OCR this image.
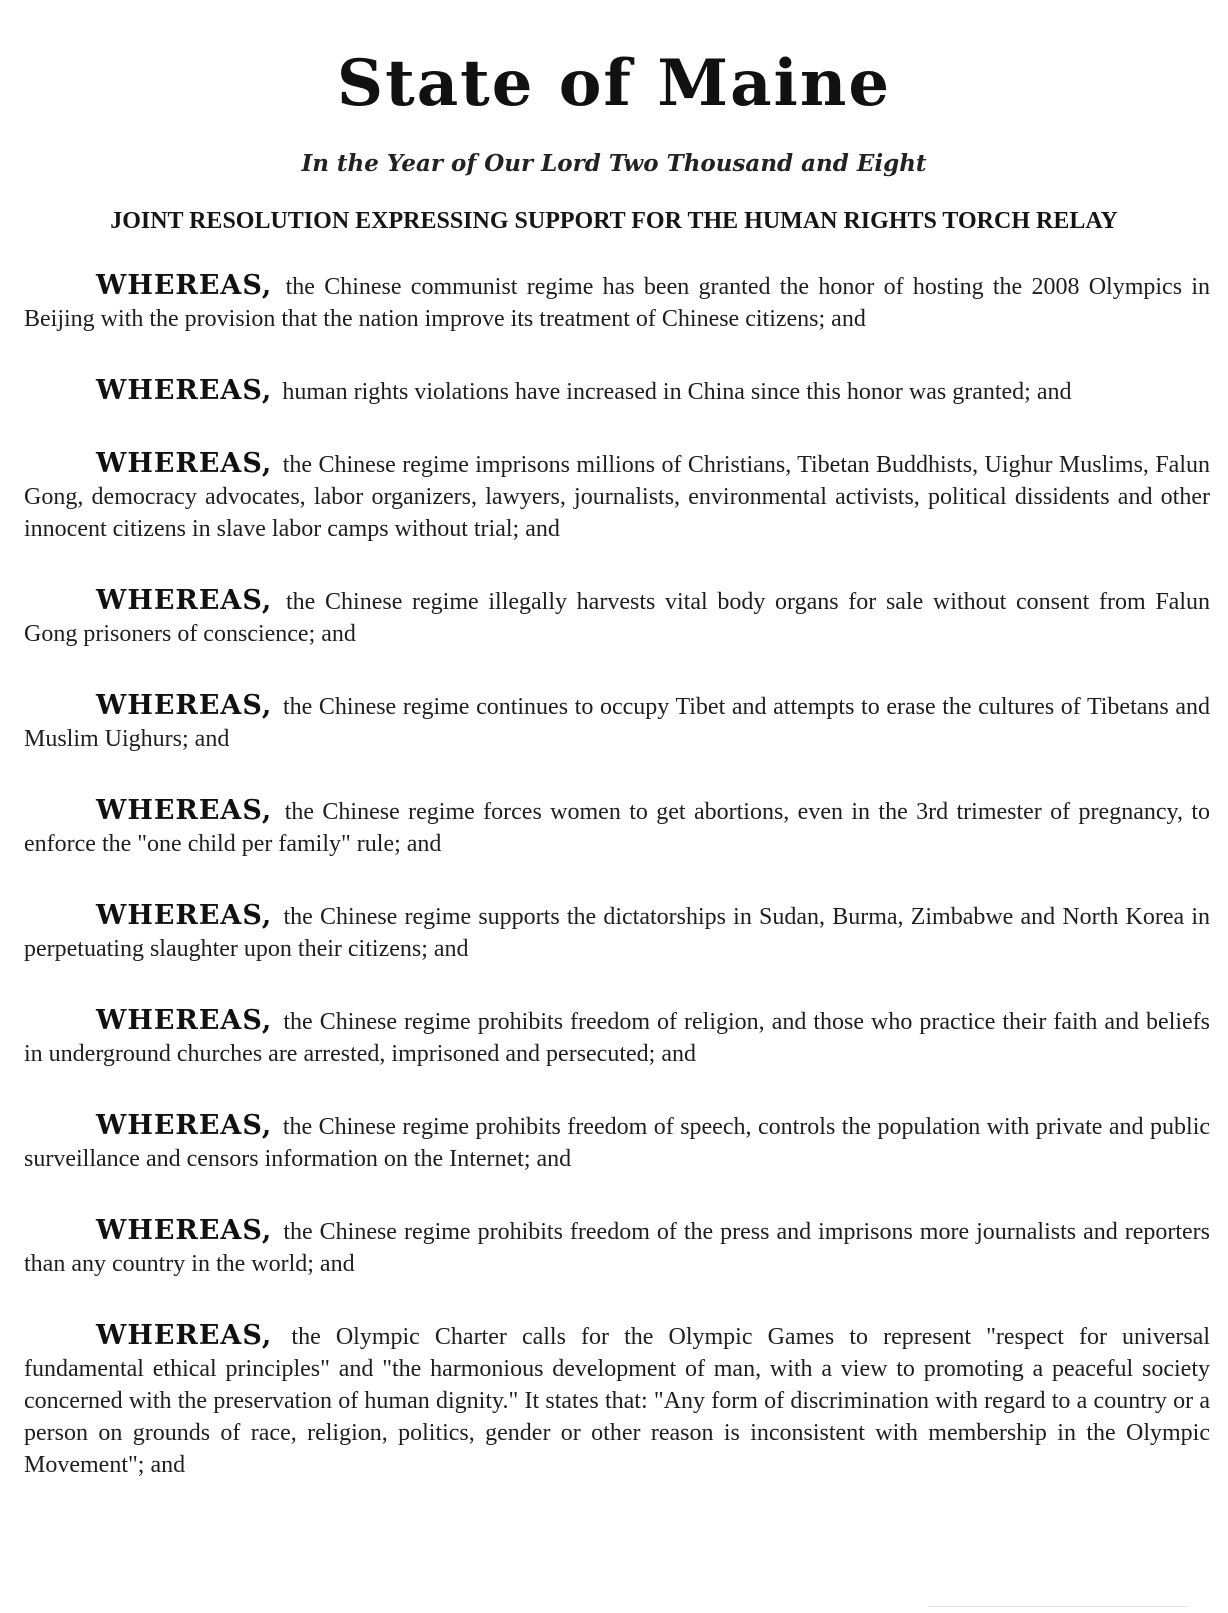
State of Maine
In the Year of Our Lord Two Thousand and Eight
JOINT RESOLUTION EXPRESSING SUPPORT FOR THE HUMAN RIGHTS TORCH RELAY

WHEREAS, the Chinese communist regime has been granted the honor of hosting the 2008 Olympics in Beijing with the provision that the nation improve its treatment of Chinese citizens; and

WHEREAS, human rights violations have increased in China since this honor was granted; and

WHEREAS, the Chinese regime imprisons millions of Christians, Tibetan Buddhists, Uighur Muslims, Falun Gong, democracy advocates, labor organizers, lawyers, journalists, environmental activists, political dissidents and other innocent citizens in slave labor camps without trial; and

WHEREAS, the Chinese regime illegally harvests vital body organs for sale without consent from Falun Gong prisoners of conscience; and

WHEREAS, the Chinese regime continues to occupy Tibet and attempts to erase the cultures of Tibetans and Muslim Uighurs; and

WHEREAS, the Chinese regime forces women to get abortions, even in the 3rd trimester of pregnancy, to enforce the "one child per family" rule; and

WHEREAS, the Chinese regime supports the dictatorships in Sudan, Burma, Zimbabwe and North Korea in perpetuating slaughter upon their citizens; and

WHEREAS, the Chinese regime prohibits freedom of religion, and those who practice their faith and beliefs in underground churches are arrested, imprisoned and persecuted; and

WHEREAS, the Chinese regime prohibits freedom of speech, controls the population with private and public surveillance and censors information on the Internet; and

WHEREAS, the Chinese regime prohibits freedom of the press and imprisons more journalists and reporters than any country in the world; and

WHEREAS, the Olympic Charter calls for the Olympic Games to represent "respect for universal fundamental ethical principles" and "the harmonious development of man, with a view to promoting a peaceful society concerned with the preservation of human dignity." It states that: "Any form of discrimination with regard to a country or a person on grounds of race, religion, politics, gender or other reason is inconsistent with membership in the Olympic Movement"; and
